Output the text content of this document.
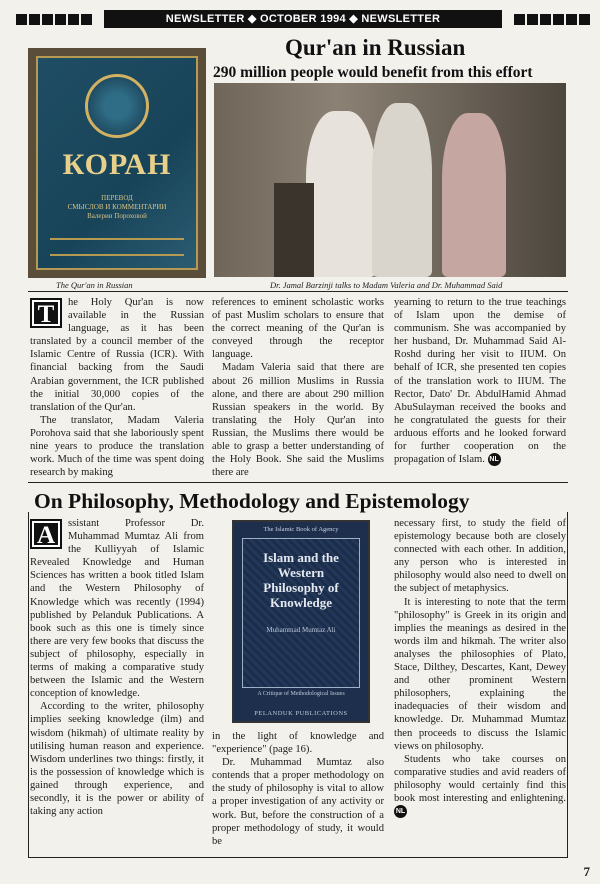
NEWSLETTER ◆ OCTOBER 1994 ◆ NEWSLETTER
Qur'an in Russian
290 million people would benefit from this effort
КОРАН
ПЕРЕВОД
СМЫСЛОВ И КОММЕНТАРИИ
Валерии Пороховой
The Qur'an in Russian	Dr. Jamal Barzinji talks to Madam Valeria and Dr. Muhammad Said
T	he Holy Qur'an is now available in the Russian language, as it has been translated by a council member of the Islamic Centre of Russia (ICR). With financial backing from the Saudi Arabian government, the ICR published the initial 30,000 copies of the translation of the Qur'an.

The translator, Madam Valeria Porohova said that she laboriously spent nine years to produce the translation work. Much of the time was spent doing research by making

references to eminent scholastic works of past Muslim scholars to ensure that the correct meaning of the Qur'an is conveyed through the receptor language.

Madam Valeria said that there are about 26 million Muslims in Russia alone, and there are about 290 million Russian speakers in the world. By translating the Holy Qur'an into Russian, the Muslims there would be able to grasp a better understanding of the Holy Book. She said the Muslims there are

yearning to return to the true teachings of Islam upon the demise of communism. She was accompanied by her husband, Dr. Muhammad Said Al-Roshd during her visit to IIUM. On behalf of ICR, she presented ten copies of the translation work to IIUM. The Rector, Dato' Dr. AbdulHamid Ahmad AbuSulayman received the books and he congratulated the guests for their arduous efforts and he looked forward for further cooperation on the propagation of Islam. NL

On Philosophy, Methodology and Epistemology
A	ssistant Professor Dr. Muhammad Mumtaz Ali from the Kulliyyah of Islamic Revealed Knowledge and Human Sciences has written a book titled Islam and the Western Philosophy of Knowledge which was recently (1994) published by Pelanduk Publications. A book such as this one is timely since there are very few books that discuss the subject of philosophy, especially in terms of making a comparative study between the Islamic and the Western conception of knowledge.

According to the writer, philosophy implies seeking knowledge (ilm) and wisdom (hikmah) of ultimate reality by utilising human reason and experience. Wisdom underlines two things: firstly, it is the possession of knowledge which is gained through experience, and secondly, it is the power or ability of taking any action

The Islamic Book of Agency
Islam and the Western Philosophy of Knowledge
Muhammad Mumtaz Ali
A Critique of Methodological Issues
PELANDUK PUBLICATIONS

in the light of knowledge and "experience" (page 16).

Dr. Muhammad Mumtaz also contends that a proper methodology on the study of philosophy is vital to allow a proper investigation of any activity or work. But, before the construction of a proper methodology of study, it would be

necessary first, to study the field of epistemology because both are closely connected with each other. In addition, any person who is interested in philosophy would also need to dwell on the subject of metaphysics.

It is interesting to note that the term "philosophy" is Greek in its origin and implies the meanings as desired in the words ilm and hikmah. The writer also analyses the philosophies of Plato, Stace, Dilthey, Descartes, Kant, Dewey and other prominent Western philosophers, explaining the inadequacies of their wisdom and knowledge. Dr. Muhammad Mumtaz then proceeds to discuss the Islamic views on philosophy.

Students who take courses on comparative studies and avid readers of philosophy would certainly find this book most interesting and enlightening. NL

7
